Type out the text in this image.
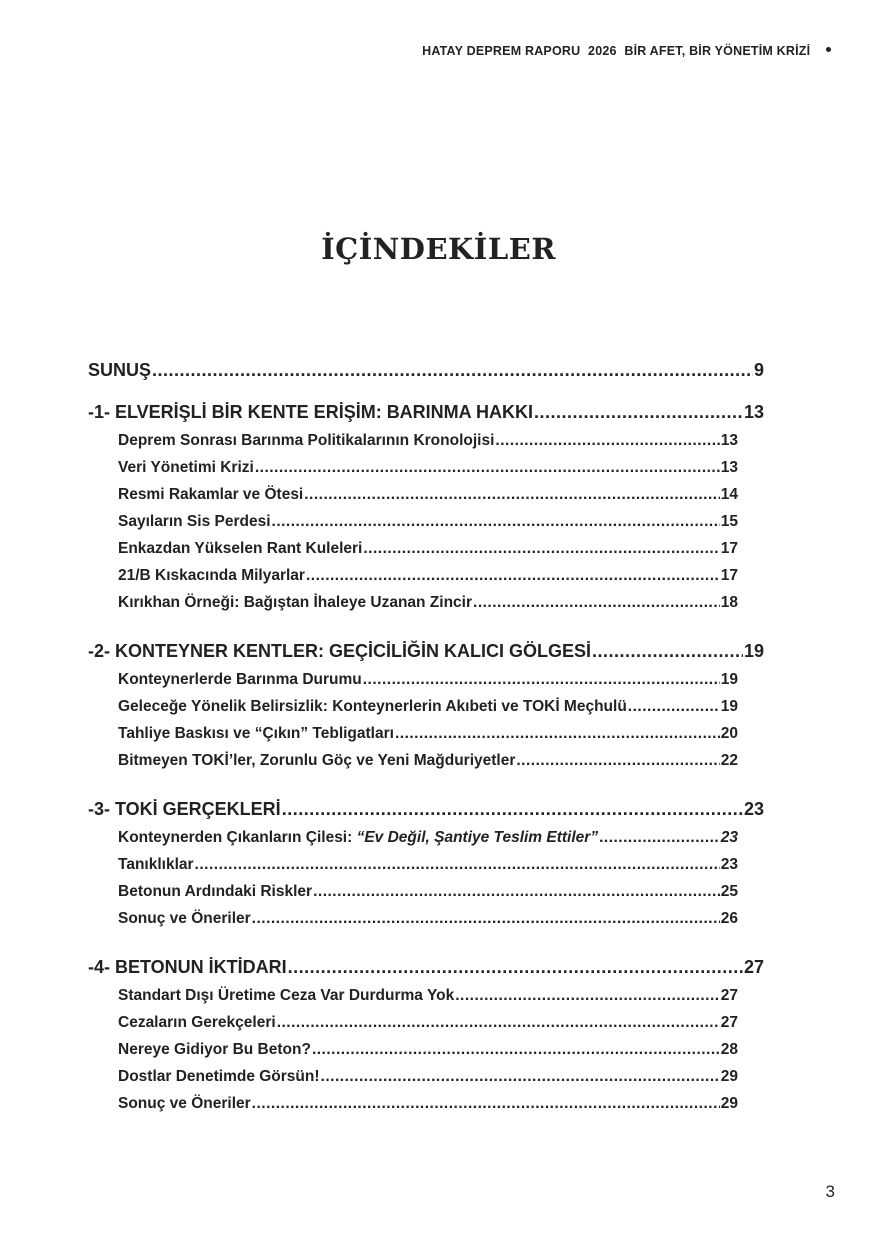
HATAY DEPREM RAPORU 2026 BİR AFET, BİR YÖNETİM KRİZİ
İÇİNDEKİLER
SUNUŞ .....	9
-1- ELVERİŞLİ BİR KENTE ERİŞİM: BARINMA HAKKI .....	13
Deprem Sonrası Barınma Politikalarının Kronolojisi .....	13
Veri Yönetimi Krizi .....	13
Resmi Rakamlar ve Ötesi .....	14
Sayıların Sis Perdesi .....	15
Enkazdan Yükselen Rant Kuleleri .....	17
21/B Kıskacında Milyarlar .....	17
Kırıkhan Örneği: Bağıştan İhaleye Uzanan Zincir .....	18
-2- KONTEYNER KENTLER: GEÇİCİLİĞİN KALICI GÖLGESİ .....	19
Konteynerlerde Barınma Durumu .....	19
Geleceğe Yönelik Belirsizlik: Konteynerlerin Akıbeti ve TOKİ Meçhulü .....	19
Tahliye Baskısı ve “Çıkın” Tebligatları .....	20
Bitmeyen TOKİ’ler, Zorunlu Göç ve Yeni Mağduriyetler .....	22
-3- TOKİ GERÇEKLERİ .....	23
Konteynerden Çıkanların Çilesi: “Ev Değil, Şantiye Teslim Ettiler” .....	23
Tanıklıklar .....	23
Betonun Ardındaki Riskler .....	25
Sonuç ve Öneriler .....	26
-4- BETONUN İKTİDARI .....	27
Standart Dışı Üretime Ceza Var Durdurma Yok .....	27
Cezaların Gerekçeleri .....	27
Nereye Gidiyor Bu Beton? .....	28
Dostlar Denetimde Görsün! .....	29
Sonuç ve Öneriler .....	29
3
